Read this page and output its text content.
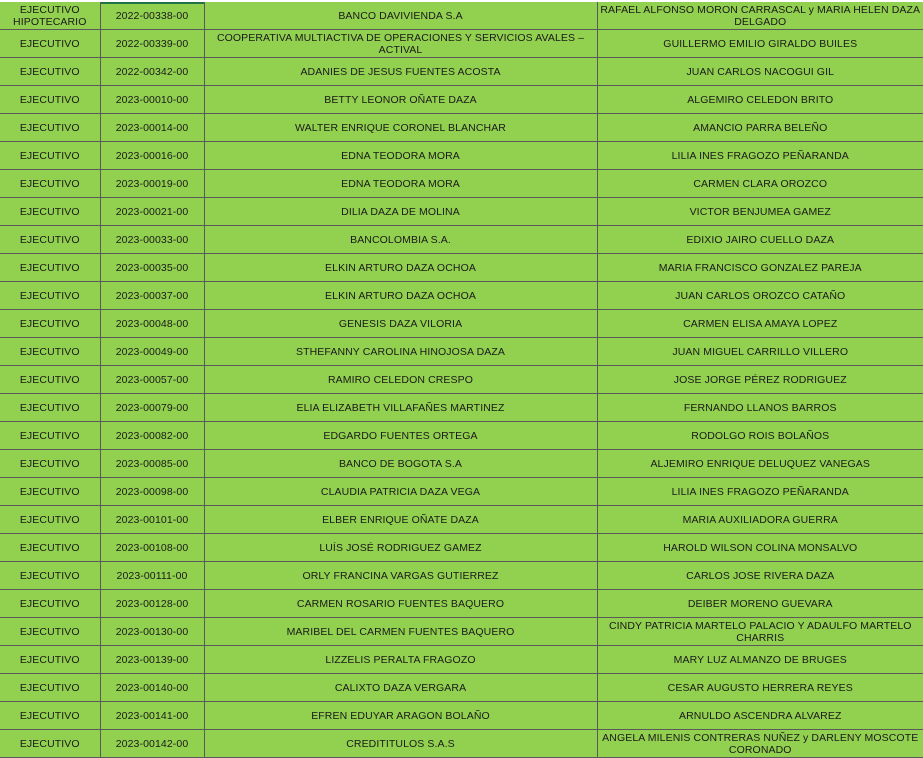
EJECUTIVO HIPOTECARIO	2022-00338-00	BANCO DAVIVIENDA S.A	RAFAEL ALFONSO MORON CARRASCAL y MARIA HELEN DAZA DELGADO
EJECUTIVO	2022-00339-00	COOPERATIVA MULTIACTIVA DE OPERACIONES Y SERVICIOS AVALES – ACTIVAL	GUILLERMO EMILIO GIRALDO BUILES
EJECUTIVO	2022-00342-00	ADANIES DE JESUS FUENTES ACOSTA	JUAN CARLOS NACOGUI GIL
EJECUTIVO	2023-00010-00	BETTY LEONOR OÑATE DAZA	ALGEMIRO CELEDON BRITO
EJECUTIVO	2023-00014-00	WALTER ENRIQUE CORONEL BLANCHAR	AMANCIO PARRA BELEÑO
EJECUTIVO	2023-00016-00	EDNA TEODORA MORA	LILIA INES FRAGOZO PEÑARANDA
EJECUTIVO	2023-00019-00	EDNA TEODORA MORA	CARMEN CLARA OROZCO
EJECUTIVO	2023-00021-00	DILIA DAZA DE MOLINA	VICTOR BENJUMEA GAMEZ
EJECUTIVO	2023-00033-00	BANCOLOMBIA S.A.	EDIXIO JAIRO CUELLO DAZA
EJECUTIVO	2023-00035-00	ELKIN ARTURO DAZA OCHOA	MARIA FRANCISCO GONZALEZ PAREJA
EJECUTIVO	2023-00037-00	ELKIN ARTURO DAZA OCHOA	JUAN CARLOS OROZCO CATAÑO
EJECUTIVO	2023-00048-00	GENESIS DAZA VILORIA	CARMEN ELISA AMAYA LOPEZ
EJECUTIVO	2023-00049-00	STHEFANNY CAROLINA HINOJOSA DAZA	JUAN MIGUEL CARRILLO VILLERO
EJECUTIVO	2023-00057-00	RAMIRO CELEDON CRESPO	JOSE JORGE PÉREZ RODRIGUEZ
EJECUTIVO	2023-00079-00	ELIA ELIZABETH VILLAFAÑES MARTINEZ	FERNANDO LLANOS BARROS
EJECUTIVO	2023-00082-00	EDGARDO FUENTES ORTEGA	RODOLGO ROIS BOLAÑOS
EJECUTIVO	2023-00085-00	BANCO DE BOGOTA S.A	ALJEMIRO ENRIQUE DELUQUEZ VANEGAS
EJECUTIVO	2023-00098-00	CLAUDIA PATRICIA DAZA VEGA	LILIA INES FRAGOZO PEÑARANDA
EJECUTIVO	2023-00101-00	ELBER ENRIQUE OÑATE DAZA	MARIA AUXILIADORA GUERRA
EJECUTIVO	2023-00108-00	LUÍS JOSÉ RODRIGUEZ GAMEZ	HAROLD WILSON COLINA MONSALVO
EJECUTIVO	2023-00111-00	ORLY FRANCINA VARGAS GUTIERREZ	CARLOS JOSE RIVERA DAZA
EJECUTIVO	2023-00128-00	CARMEN ROSARIO FUENTES BAQUERO	DEIBER MORENO GUEVARA
EJECUTIVO	2023-00130-00	MARIBEL DEL CARMEN FUENTES BAQUERO	CINDY PATRICIA MARTELO PALACIO Y ADAULFO MARTELO CHARRIS
EJECUTIVO	2023-00139-00	LIZZELIS PERALTA FRAGOZO	MARY LUZ ALMANZO DE BRUGES
EJECUTIVO	2023-00140-00	CALIXTO DAZA VERGARA	CESAR AUGUSTO HERRERA REYES
EJECUTIVO	2023-00141-00	EFREN EDUYAR ARAGON BOLAÑO	ARNULDO ASCENDRA ALVAREZ
EJECUTIVO	2023-00142-00	CREDITITULOS S.A.S	ANGELA MILENIS CONTRERAS NUÑEZ y DARLENY MOSCOTE CORONADO
